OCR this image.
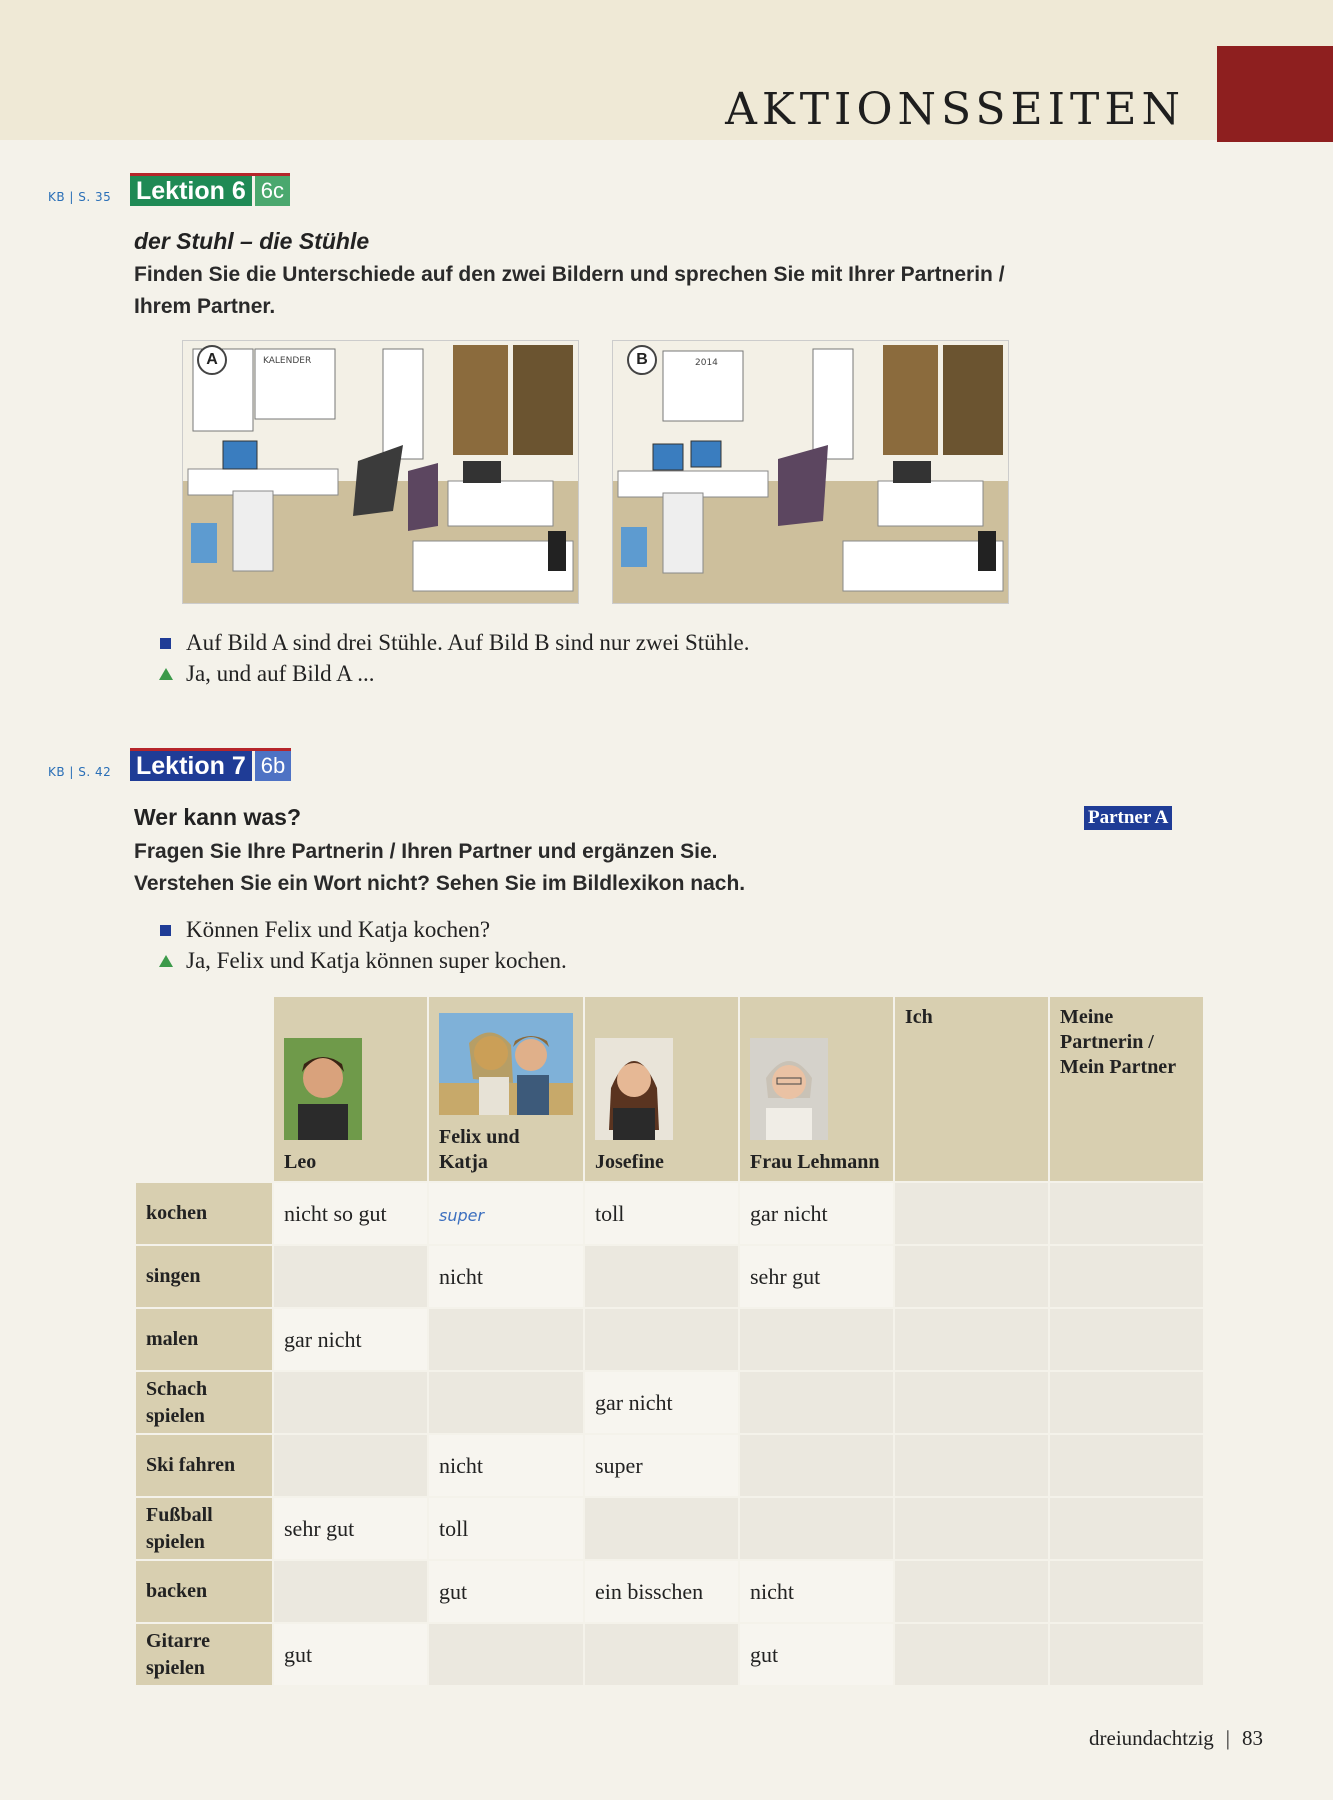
AKTIONSSEITEN
KB | S. 35 Lektion 6 6c
der Stuhl – die Stühle
Finden Sie die Unterschiede auf den zwei Bildern und sprechen Sie mit Ihrer Partnerin /
Ihrem Partner.
KALENDER
A	2014
B
Auf Bild A sind drei Stühle. Auf Bild B sind nur zwei Stühle.
Ja, und auf Bild A ...
KB | S. 42 Lektion 7 6b
Wer kann was?	Partner A
Fragen Sie Ihre Partnerin / Ihren Partner und ergänzen Sie.
Verstehen Sie ein Wort nicht? Sehen Sie im Bildlexikon nach.
Können Felix und Katja kochen?
Ja, Felix und Katja können super kochen.

Leo	Felix und Katja	Josefine	Frau Lehmann	Ich	Meine Partnerin / Mein Partner
kochen	nicht so gut	super	toll	gar nicht		
singen		nicht		sehr gut		
malen	gar nicht					
Schach spielen			gar nicht			
Ski fahren		nicht	super			
Fußball spielen	sehr gut	toll				
backen		gut	ein bisschen	nicht		
Gitarre spielen	gut			gut		
dreiundachtzig | 83
